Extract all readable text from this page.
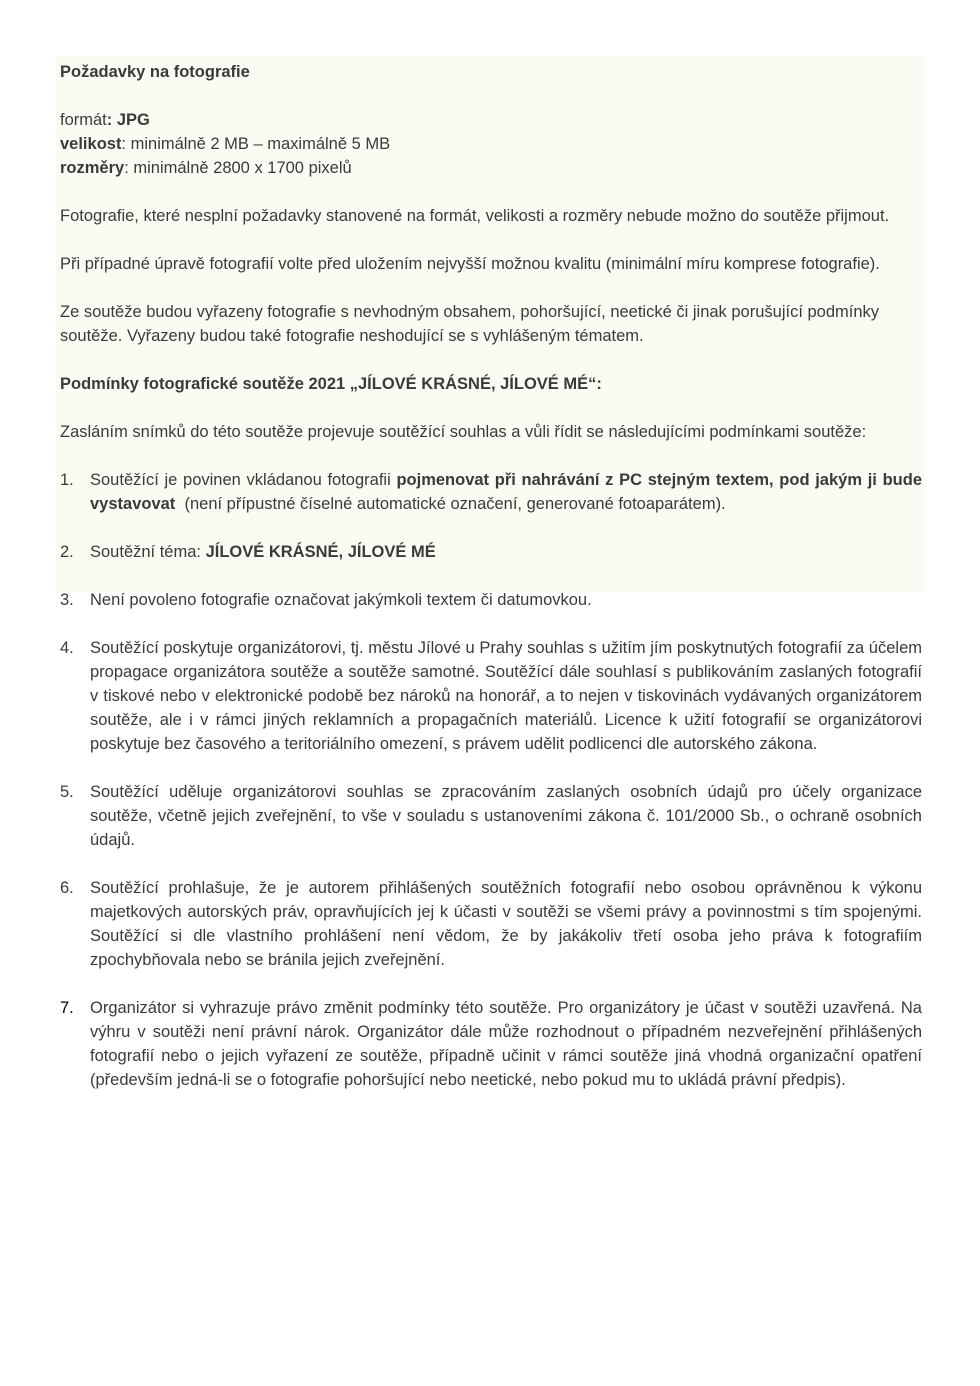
Požadavky na fotografie

formát: JPG

velikost: minimálně 2 MB – maximálně 5 MB

rozměry: minimálně 2800 x 1700 pixelů

Fotografie, které nesplní požadavky stanovené na formát, velikosti a rozměry nebude možno do soutěže přijmout.

Při případné úpravě fotografií volte před uložením nejvyšší možnou kvalitu (minimální míru komprese fotografie).

Ze soutěže budou vyřazeny fotografie s nevhodným obsahem, pohoršující, neetické či jinak porušující podmínky soutěže. Vyřazeny budou také fotografie neshodující se s vyhlášeným tématem.

Podmínky fotografické soutěže 2021 „JÍLOVÉ KRÁSNÉ, JÍLOVÉ MÉ“:

Zasláním snímků do této soutěže projevuje soutěžící souhlas a vůli řídit se následujícími podmínkami soutěže:

1. Soutěžící je povinen vkládanou fotografii pojmenovat při nahrávání z PC stejným textem, pod jakým ji bude vystavovat  (není přípustné číselné automatické označení, generované fotoaparátem).
2. Soutěžní téma: JÍLOVÉ KRÁSNÉ, JÍLOVÉ MÉ
3. Není povoleno fotografie označovat jakýmkoli textem či datumovkou.
4. Soutěžící poskytuje organizátorovi, tj. městu Jílové u Prahy souhlas s užitím jím poskytnutých fotografií za účelem propagace organizátora soutěže a soutěže samotné. Soutěžící dále souhlasí s publikováním zaslaných fotografií v tiskové nebo v elektronické podobě bez nároků na honorář, a to nejen v tiskovinách vydávaných organizátorem soutěže, ale i v rámci jiných reklamních a propagačních materiálů. Licence k užití fotografií se organizátorovi poskytuje bez časového a teritoriálního omezení, s právem udělit podlicenci dle autorského zákona.
5. Soutěžící uděluje organizátorovi souhlas se zpracováním zaslaných osobních údajů pro účely organizace soutěže, včetně jejich zveřejnění, to vše v souladu s ustanoveními zákona č. 101/2000 Sb., o ochraně osobních údajů.
6. Soutěžící prohlašuje, že je autorem přihlášených soutěžních fotografií nebo osobou oprávněnou k výkonu majetkových autorských práv, opravňujících jej k účasti v soutěži se všemi právy a povinnostmi s tím spojenými. Soutěžící si dle vlastního prohlášení není vědom, že by jakákoliv třetí osoba jeho práva k fotografiím zpochybňovala nebo se bránila jejich zveřejnění.
7. Organizátor si vyhrazuje právo změnit podmínky této soutěže. Pro organizátory je účast v soutěži uzavřená. Na výhru v soutěži není právní nárok. Organizátor dále může rozhodnout o případném nezveřejnění přihlášených fotografií nebo o jejich vyřazení ze soutěže, případně učinit v rámci soutěže jiná vhodná organizační opatření (především jedná-li se o fotografie pohoršující nebo neetické, nebo pokud mu to ukládá právní předpis).
